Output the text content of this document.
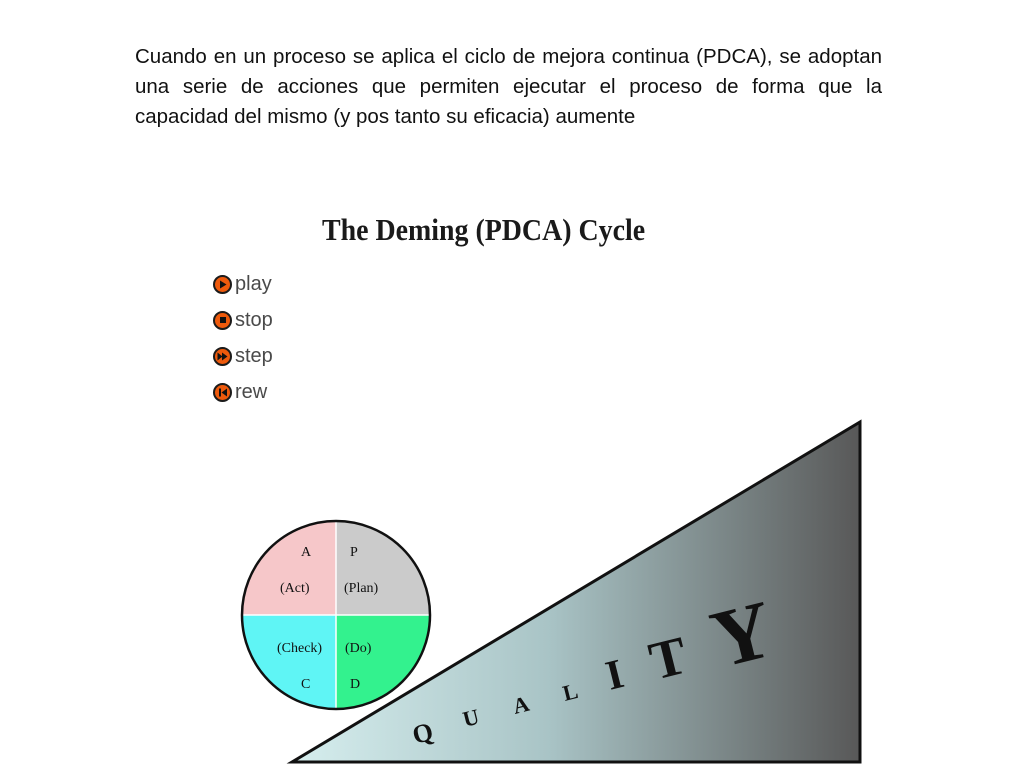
Cuando en un proceso se aplica el ciclo de mejora continua (PDCA), se adoptan una serie de acciones que permiten ejecutar el proceso de forma que la capacidad del mismo (y pos tanto su eficacia) aumente

The Deming (PDCA) Cycle
play
stop
step
rew
Q U A L I T Y
A
(Act)
P
(Plan)
(Check)
C
(Do)
D
